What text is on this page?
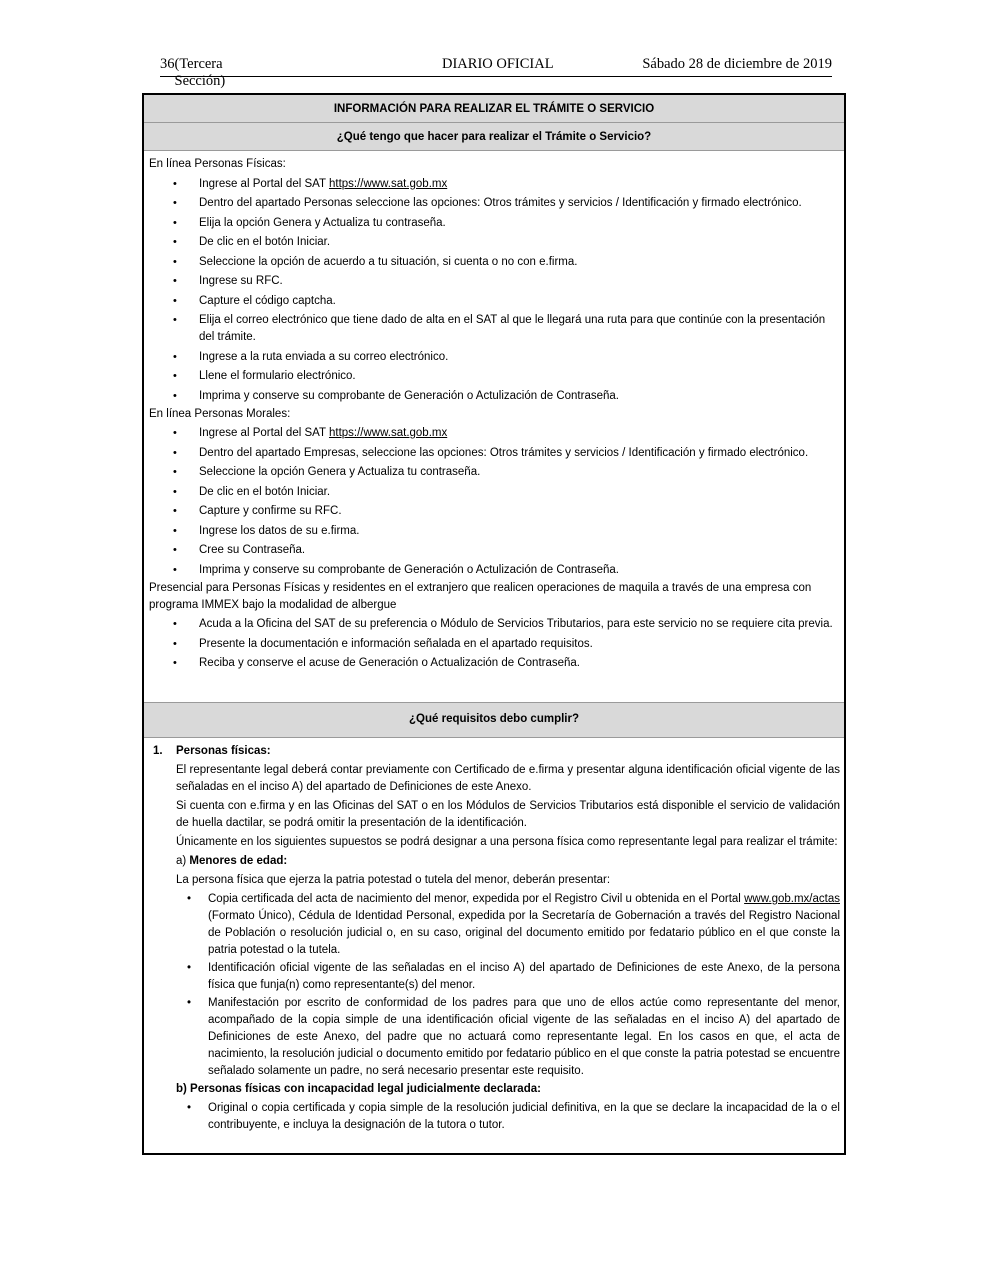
36
(Tercera Sección)
DIARIO OFICIAL	Sábado 28 de diciembre de 2019
INFORMACIÓN PARA REALIZAR EL TRÁMITE O SERVICIO
¿Qué tengo que hacer para realizar el Trámite o Servicio?

En línea Personas Físicas:

• Ingrese al Portal del SAT https://www.sat.gob.mx
• Dentro del apartado Personas seleccione las opciones: Otros trámites y servicios / Identificación y firmado electrónico.
• Elija la opción Genera y Actualiza tu contraseña.
• De clic en el botón Iniciar.
• Seleccione la opción de acuerdo a tu situación, si cuenta o no con e.firma.
• Ingrese su RFC.
• Capture el código captcha.
• Elija el correo electrónico que tiene dado de alta en el SAT al que le llegará una ruta para que continúe con la presentación del trámite.
• Ingrese a la ruta enviada a su correo electrónico.
• Llene el formulario electrónico.
• Imprima y conserve su comprobante de Generación o Actulización de Contraseña.

En línea Personas Morales:

• Ingrese al Portal del SAT https://www.sat.gob.mx
• Dentro del apartado Empresas, seleccione las opciones: Otros trámites y servicios / Identificación y firmado electrónico.
• Seleccione la opción Genera y Actualiza tu contraseña.
• De clic en el botón Iniciar.
• Capture y confirme su RFC.
• Ingrese los datos de su e.firma.
• Cree su Contraseña.
• Imprima y conserve su comprobante de Generación o Actulización de Contraseña.

Presencial para Personas Físicas y residentes en el extranjero que realicen operaciones de maquila a través de una empresa con programa IMMEX bajo la modalidad de albergue

• Acuda a la Oficina del SAT de su preferencia o Módulo de Servicios Tributarios, para este servicio no se requiere cita previa.
• Presente la documentación e información señalada en el apartado requisitos.
• Reciba y conserve el acuse de Generación o Actualización de Contraseña.
¿Qué requisitos debo cumplir?
1. Personas físicas:

El representante legal deberá contar previamente con Certificado de e.firma y presentar alguna identificación oficial vigente de las señaladas en el inciso A) del apartado de Definiciones de este Anexo.

Si cuenta con e.firma y en las Oficinas del SAT o en los Módulos de Servicios Tributarios está disponible el servicio de validación de huella dactilar, se podrá omitir la presentación de la identificación.

Únicamente en los siguientes supuestos se podrá designar a una persona física como representante legal para realizar el trámite:

a) Menores de edad:

La persona física que ejerza la patria potestad o tutela del menor, deberán presentar:

• Copia certificada del acta de nacimiento del menor, expedida por el Registro Civil u obtenida en el Portal www.gob.mx/actas (Formato Único), Cédula de Identidad Personal, expedida por la Secretaría de Gobernación a través del Registro Nacional de Población o resolución judicial o, en su caso, original del documento emitido por fedatario público en el que conste la patria potestad o la tutela.
• Identificación oficial vigente de las señaladas en el inciso A) del apartado de Definiciones de este Anexo, de la persona física que funja(n) como representante(s) del menor.
• Manifestación por escrito de conformidad de los padres para que uno de ellos actúe como representante del menor, acompañado de la copia simple de una identificación oficial vigente de las señaladas en el inciso A) del apartado de Definiciones de este Anexo, del padre que no actuará como representante legal. En los casos en que, el acta de nacimiento, la resolución judicial o documento emitido por fedatario público en el que conste la patria potestad se encuentre señalado solamente un padre, no será necesario presentar este requisito.

b) Personas físicas con incapacidad legal judicialmente declarada:

• Original o copia certificada y copia simple de la resolución judicial definitiva, en la que se declare la incapacidad de la o el contribuyente, e incluya la designación de la tutora o tutor.
